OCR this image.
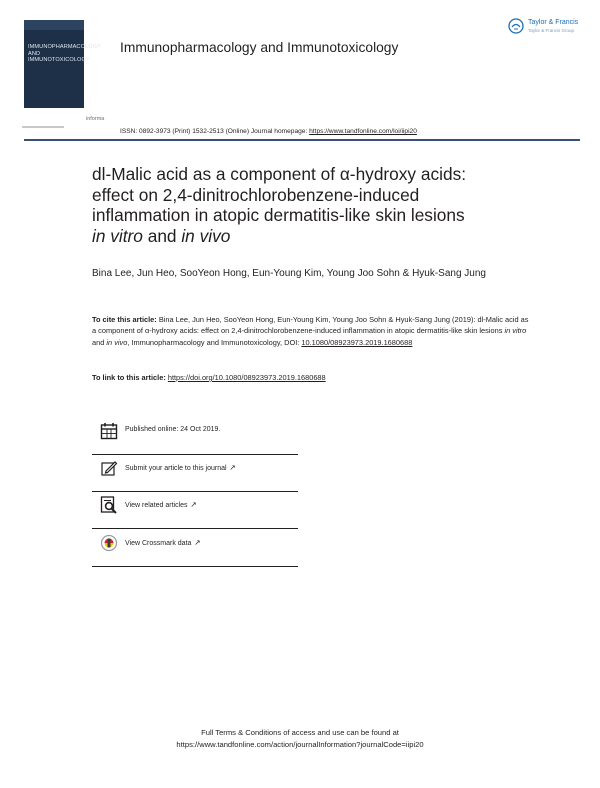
IMMUNOPHARMACOLOGY AND IMMUNOTOXICOLOGY
informa
Immunopharmacology and Immunotoxicology
Taylor & Francis
Taylor & Francis Group
ISSN: 0892-3973 (Print) 1532-2513 (Online) Journal homepage: https://www.tandfonline.com/loi/iipi20
dl-Malic acid as a component of α-hydroxy acids:
effect on 2,4-dinitrochlorobenzene-induced
inflammation in atopic dermatitis-like skin lesions
in vitro and in vivo
Bina Lee, Jun Heo, SooYeon Hong, Eun-Young Kim, Young Joo Sohn & Hyuk-Sang Jung
To cite this article: Bina Lee, Jun Heo, SooYeon Hong, Eun-Young Kim, Young Joo Sohn & Hyuk-Sang Jung (2019): dl-Malic acid as a component of α-hydroxy acids: effect on 2,4-dinitrochlorobenzene-induced inflammation in atopic dermatitis-like skin lesions in vitro and in vivo, Immunopharmacology and Immunotoxicology, DOI: 10.1080/08923973.2019.1680688
To link to this article: https://doi.org/10.1080/08923973.2019.1680688
Published online: 24 Oct 2019.
Submit your article to this journal ↗
View related articles ↗
View Crossmark data ↗
Full Terms & Conditions of access and use can be found at
https://www.tandfonline.com/action/journalInformation?journalCode=iipi20
